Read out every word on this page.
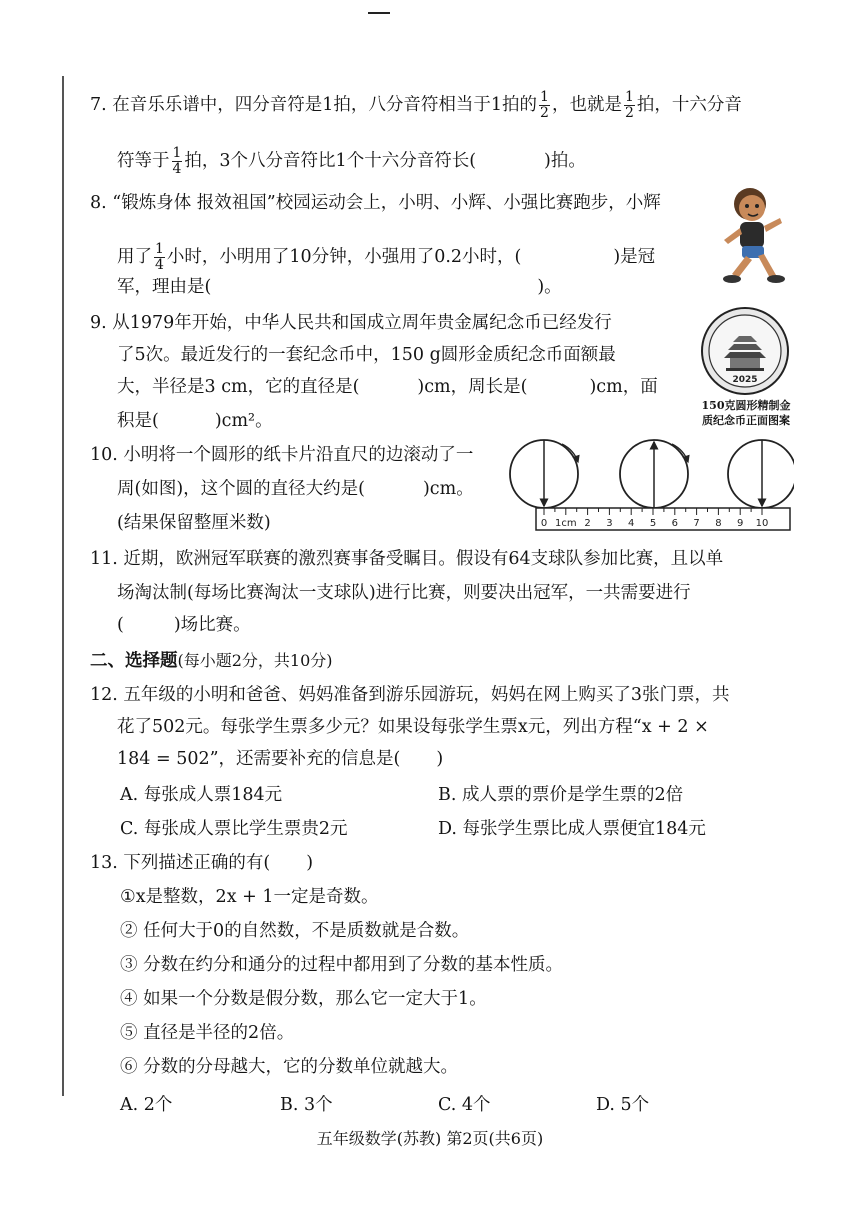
7. 在音乐乐谱中，四分音符是1拍，八分音符相当于1拍的 $\frac{1}{2}$ ，也就是 $\frac{1}{2}$ 拍，十六分音
符等于 $\frac{1}{4}$ 拍，3个八分音符比1个十六分音符长(	)拍。
8. “锻炼身体 报效祖国”校园运动会上，小明、小辉、小强比赛跑步，小辉
用了 $\frac{1}{4}$ 小时，小明用了10分钟，小强用了0.2小时，(	)是冠
军，理由是(	)。
9. 从1979年开始，中华人民共和国成立周年贵金属纪念币已经发行
了5次。最近发行的一套纪念币中，150 g圆形金质纪念币面额最
大，半径是3 cm，它的直径是(	)cm，周长是(	)cm，面
积是(	)cm²。
2025
150克圆形精制金
质纪念币正面图案
10. 小明将一个圆形的纸卡片沿直尺的边滚动了一
周(如图)，这个圆的直径大约是(	)cm。
(结果保留整厘米数)	0 1cm 2 3 4 5 6 7 8 9 10
11. 近期，欧洲冠军联赛的激烈赛事备受瞩目。假设有64支球队参加比赛，且以单
场淘汰制(每场比赛淘汰一支球队)进行比赛，则要决出冠军，一共需要进行
(	)场比赛。
二、选择题(每小题2分，共10分)
12. 五年级的小明和爸爸、妈妈准备到游乐园游玩，妈妈在网上购买了3张门票，共
花了502元。每张学生票多少元？如果设每张学生票x元，列出方程“x + 2 ×
184 = 502”，还需要补充的信息是( )
A. 每张成人票184元	B. 成人票的票价是学生票的2倍
C. 每张成人票比学生票贵2元	D. 每张学生票比成人票便宜184元
13. 下列描述正确的有( )
①x是整数，2x + 1一定是奇数。
② 任何大于0的自然数，不是质数就是合数。
③ 分数在约分和通分的过程中都用到了分数的基本性质。
④ 如果一个分数是假分数，那么它一定大于1。
⑤ 直径是半径的2倍。
⑥ 分数的分母越大，它的分数单位就越大。
A. 2个	B. 3个	C. 4个	D. 5个
五年级数学(苏教) 第2页(共6页)
